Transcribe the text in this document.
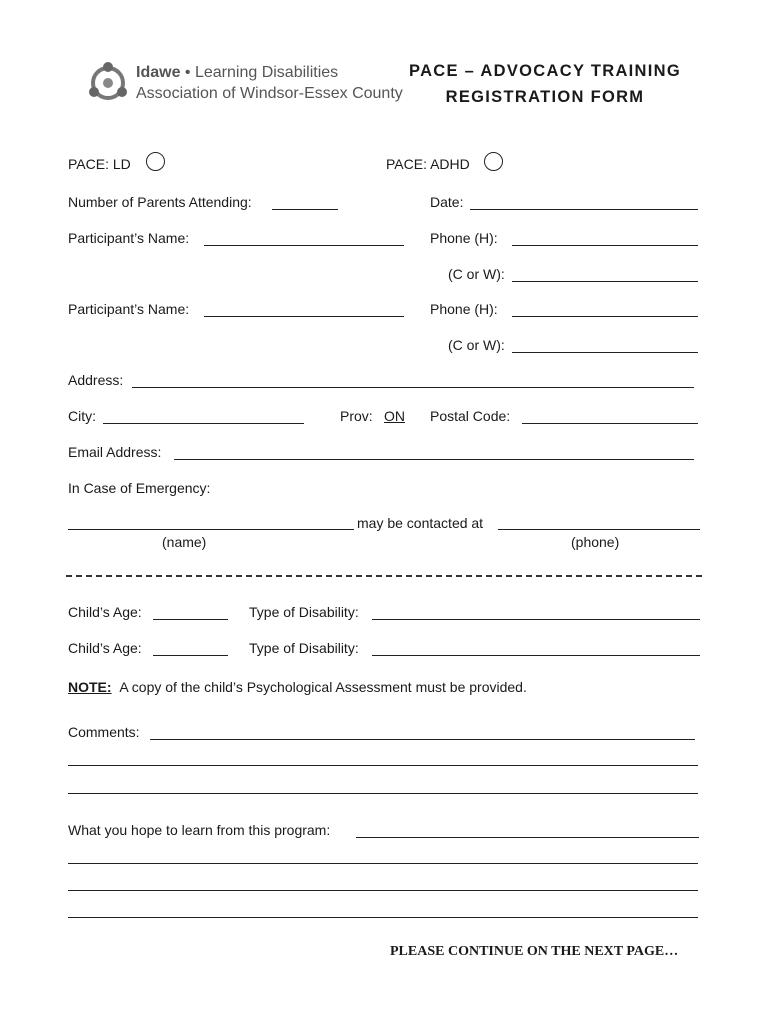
Idawe • Learning Disabilities
Association of Windsor-Essex County
PACE – ADVOCACY TRAINING
REGISTRATION FORM
PACE: LD	PACE: ADHD
Number of Parents Attending:	Date:
Participant’s Name:	Phone (H):
(C or W):
Participant’s Name:	Phone (H):
(C or W):
Address:
City:	Prov: ON Postal Code:
Email Address:
In Case of Emergency:
may be contacted at
(name)	(phone)
Child’s Age:	Type of Disability:
Child’s Age:	Type of Disability:
NOTE: A copy of the child’s Psychological Assessment must be provided.
Comments:
What you hope to learn from this program:
PLEASE CONTINUE ON THE NEXT PAGE…
